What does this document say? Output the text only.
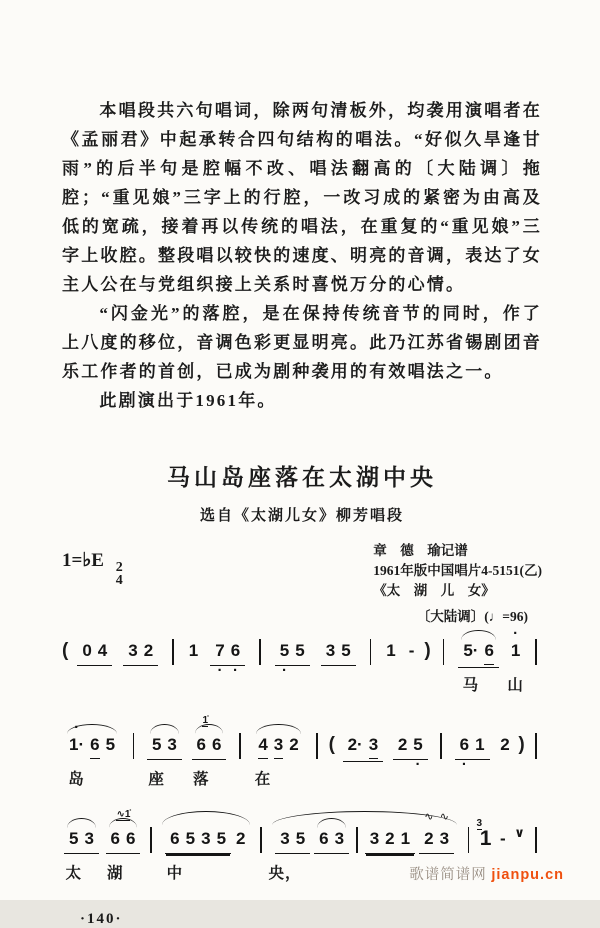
本唱段共六句唱词，除两句清板外，均袭用演唱者在《孟丽君》中起承转合四句结构的唱法。“好似久旱逢甘雨”的后半句是腔幅不改、唱法翻高的〔大陆调〕拖腔；“重见娘”三字上的行腔，一改习成的紧密为由高及低的宽疏，接着再以传统的唱法，在重复的“重见娘”三字上收腔。整段唱以较快的速度、明亮的音调，表达了女主人公在与党组织接上关系时喜悦万分的心情。

“闪金光”的落腔，是在保持传统音节的同时，作了上八度的移位，音调色彩更显明亮。此乃江苏省锡剧团音乐工作者的首创，已成为剧种袭用的有效唱法之一。

此剧演出于1961年。

马山岛座落在太湖中央
选自《太湖儿女》柳芳唱段
1=♭E 2
4
章　德　瑜记谱
1961年版中国唱片4-5151(乙)
《太　湖　儿　女》
〔大陆调〕(♩=96)
( 0 4 3 2 1 7
·
6
·
5
·
5 3 5 1 - ) 5·
马
6 1
·
山
1·
·
岛
6 5 5
座
3 6
1̇
落
6 4
在
3 2 ( 2· 3 2 5
·
6
·
1 2 )
5
太
3 6
∿1̇
湖
6 6
中
5 3 5 2 3
央，
5 6 3 3 2 1 2
∿
3
∿
1
3
- ∨
·140·
歌谱简谱网 jianpu.cn
